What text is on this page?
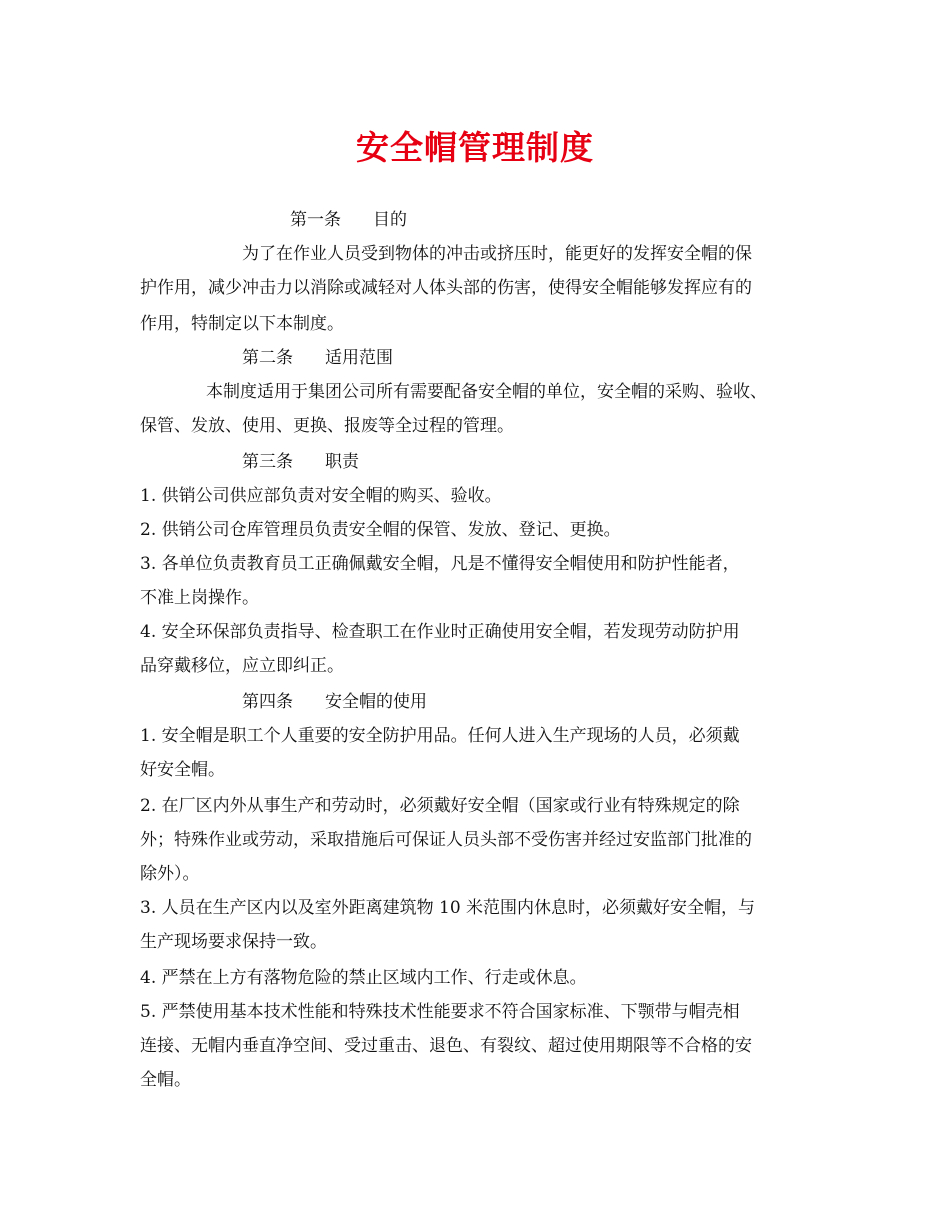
安全帽管理制度
第一条 目的
为了在作业人员受到物体的冲击或挤压时，能更好的发挥安全帽的保
护作用，减少冲击力以消除或减轻对人体头部的伤害，使得安全帽能够发挥应有的
作用，特制定以下本制度。
第二条 适用范围
本制度适用于集团公司所有需要配备安全帽的单位，安全帽的采购、验收、
保管、发放、使用、更换、报废等全过程的管理。
第三条 职责
1. 供销公司供应部负责对安全帽的购买、验收。
2. 供销公司仓库管理员负责安全帽的保管、发放、登记、更换。
3. 各单位负责教育员工正确佩戴安全帽，凡是不懂得安全帽使用和防护性能者，
不准上岗操作。
4. 安全环保部负责指导、检查职工在作业时正确使用安全帽，若发现劳动防护用
品穿戴移位，应立即纠正。
第四条 安全帽的使用
1. 安全帽是职工个人重要的安全防护用品。任何人进入生产现场的人员，必须戴
好安全帽。
2. 在厂区内外从事生产和劳动时，必须戴好安全帽（国家或行业有特殊规定的除
外；特殊作业或劳动，采取措施后可保证人员头部不受伤害并经过安监部门批准的
除外）。
3. 人员在生产区内以及室外距离建筑物 10 米范围内休息时，必须戴好安全帽，与
生产现场要求保持一致。
4. 严禁在上方有落物危险的禁止区域内工作、行走或休息。
5. 严禁使用基本技术性能和特殊技术性能要求不符合国家标准、下颚带与帽壳相
连接、无帽内垂直净空间、受过重击、退色、有裂纹、超过使用期限等不合格的安
全帽。
